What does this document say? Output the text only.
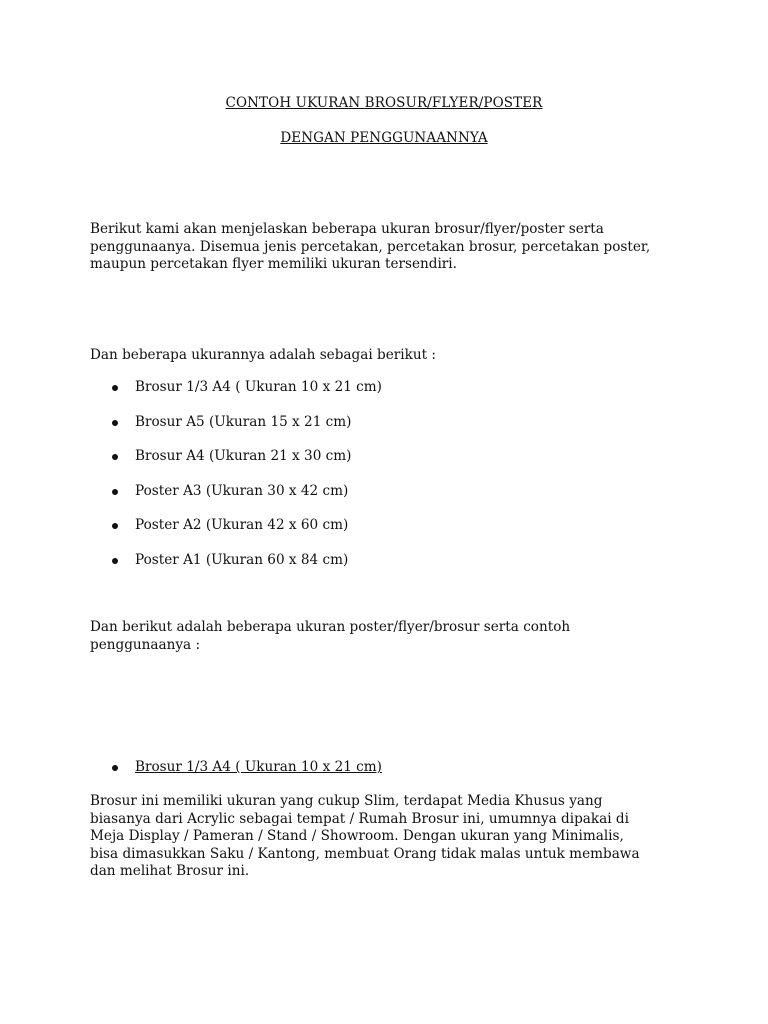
CONTOH UKURAN BROSUR/FLYER/POSTER
DENGAN PENGGUNAANNYA
Berikut kami akan menjelaskan beberapa ukuran brosur/flyer/poster serta
penggunaanya. Disemua jenis percetakan, percetakan brosur, percetakan poster,
maupun percetakan flyer memiliki ukuran tersendiri.
Dan beberapa ukurannya adalah sebagai berikut :
Brosur 1/3 A4 ( Ukuran 10 x 21 cm)
Brosur A5 (Ukuran 15 x 21 cm)
Brosur A4 (Ukuran 21 x 30 cm)
Poster A3 (Ukuran 30 x 42 cm)
Poster A2 (Ukuran 42 x 60 cm)
Poster A1 (Ukuran 60 x 84 cm)
Dan berikut adalah beberapa ukuran poster/flyer/brosur serta contoh
penggunaanya :
Brosur 1/3 A4 ( Ukuran 10 x 21 cm)
Brosur ini memiliki ukuran yang cukup Slim, terdapat Media Khusus yang
biasanya dari Acrylic sebagai tempat / Rumah Brosur ini, umumnya dipakai di
Meja Display / Pameran / Stand / Showroom. Dengan ukuran yang Minimalis,
bisa dimasukkan Saku / Kantong, membuat Orang tidak malas untuk membawa
dan melihat Brosur ini.
